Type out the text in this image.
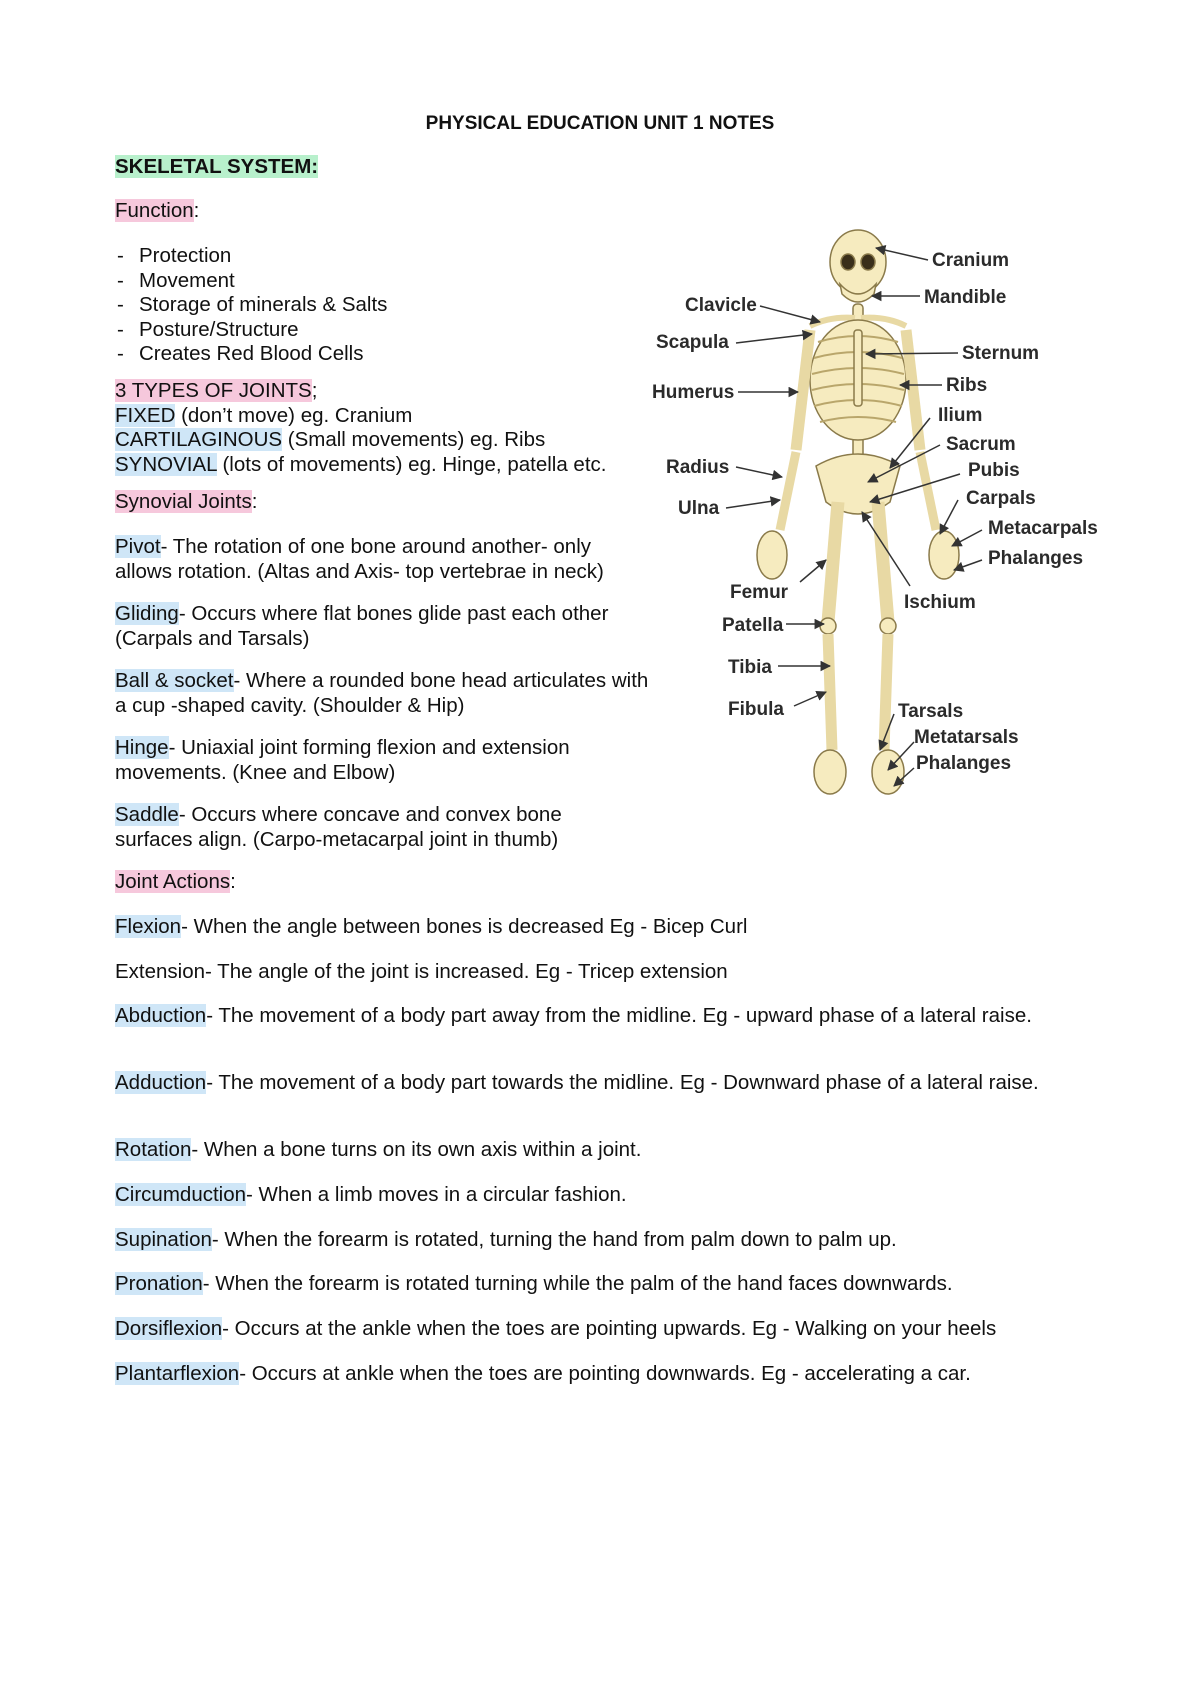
PHYSICAL EDUCATION UNIT 1 NOTES
SKELETAL SYSTEM:
Function:
- Protection
- Movement
- Storage of minerals & Salts
- Posture/Structure
- Creates Red Blood Cells
3 TYPES OF JOINTS;
FIXED (don’t move) eg. Cranium
CARTILAGINOUS (Small movements) eg. Ribs
SYNOVIAL (lots of movements) eg. Hinge, patella etc.
Synovial Joints:
Pivot- The rotation of one bone around another- only allows rotation. (Altas and Axis- top vertebrae in neck)
Gliding- Occurs where flat bones glide past each other (Carpals and Tarsals)
Ball & socket- Where a rounded bone head articulates with a cup -shaped cavity. (Shoulder & Hip)
Hinge- Uniaxial joint forming flexion and extension movements. (Knee and Elbow)
Saddle- Occurs where concave and convex bone surfaces align. (Carpo-metacarpal joint in thumb)
Joint Actions:
Flexion- When the angle between bones is decreased Eg - Bicep Curl
Extension- The angle of the joint is increased. Eg - Tricep extension
Abduction- The movement of a body part away from the midline. Eg - upward phase of a lateral raise.
Adduction- The movement of a body part towards the midline. Eg - Downward phase of a lateral raise.
Rotation- When a bone turns on its own axis within a joint.
Circumduction- When a limb moves in a circular fashion.
Supination- When the forearm is rotated, turning the hand from palm down to palm up.
Pronation- When the forearm is rotated turning while the palm of the hand faces downwards.
Dorsiflexion- Occurs at the ankle when the toes are pointing upwards. Eg - Walking on your heels
Plantarflexion- Occurs at ankle when the toes are pointing downwards. Eg - accelerating a car.
Cranium
Mandible
Clavicle
Scapula
Sternum
Humerus	Ribs
Ilium
Sacrum
Radius	Pubis
Ulna	Carpals
Metacarpals
Phalanges
Femur	Ischium
Patella
Tibia
Fibula	Tarsals
Metatarsals
Phalanges
